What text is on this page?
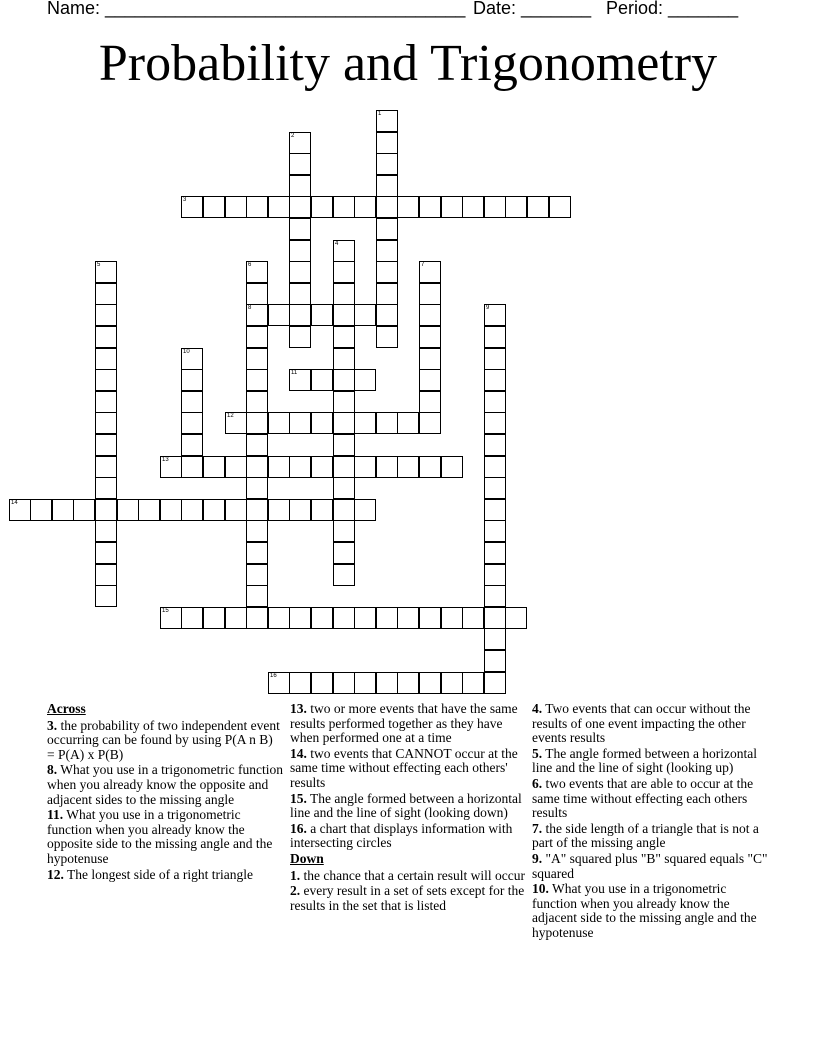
Name: ____________________________________ Date: _______ Period: _______
Probability and Trigonometry
1
2
3
4
5	6
8
7
9
10
11
12
13
14
15
16
Across
3. the probability of two independent event occurring can be found by using P(A n B) = P(A) x P(B)
8. What you use in a trigonometric function when you already know the opposite and adjacent sides to the missing angle
11. What you use in a trigonometric function when you already know the opposite side to the missing angle and the hypotenuse
12. The longest side of a right triangle
13. two or more events that have the same results performed together as they have when performed one at a time
14. two events that CANNOT occur at the same time without effecting each others' results
15. The angle formed between a horizontal line and the line of sight (looking down)
16. a chart that displays information with intersecting circles
Down
1. the chance that a certain result will occur
2. every result in a set of sets except for the results in the set that is listed
4. Two events that can occur without the results of one event impacting the other events results
5. The angle formed between a horizontal line and the line of sight (looking up)
6. two events that are able to occur at the same time without effecting each others results
7. the side length of a triangle that is not a part of the missing angle
9. "A" squared plus "B" squared equals "C" squared
10. What you use in a trigonometric function when you already know the adjacent side to the missing angle and the hypotenuse
